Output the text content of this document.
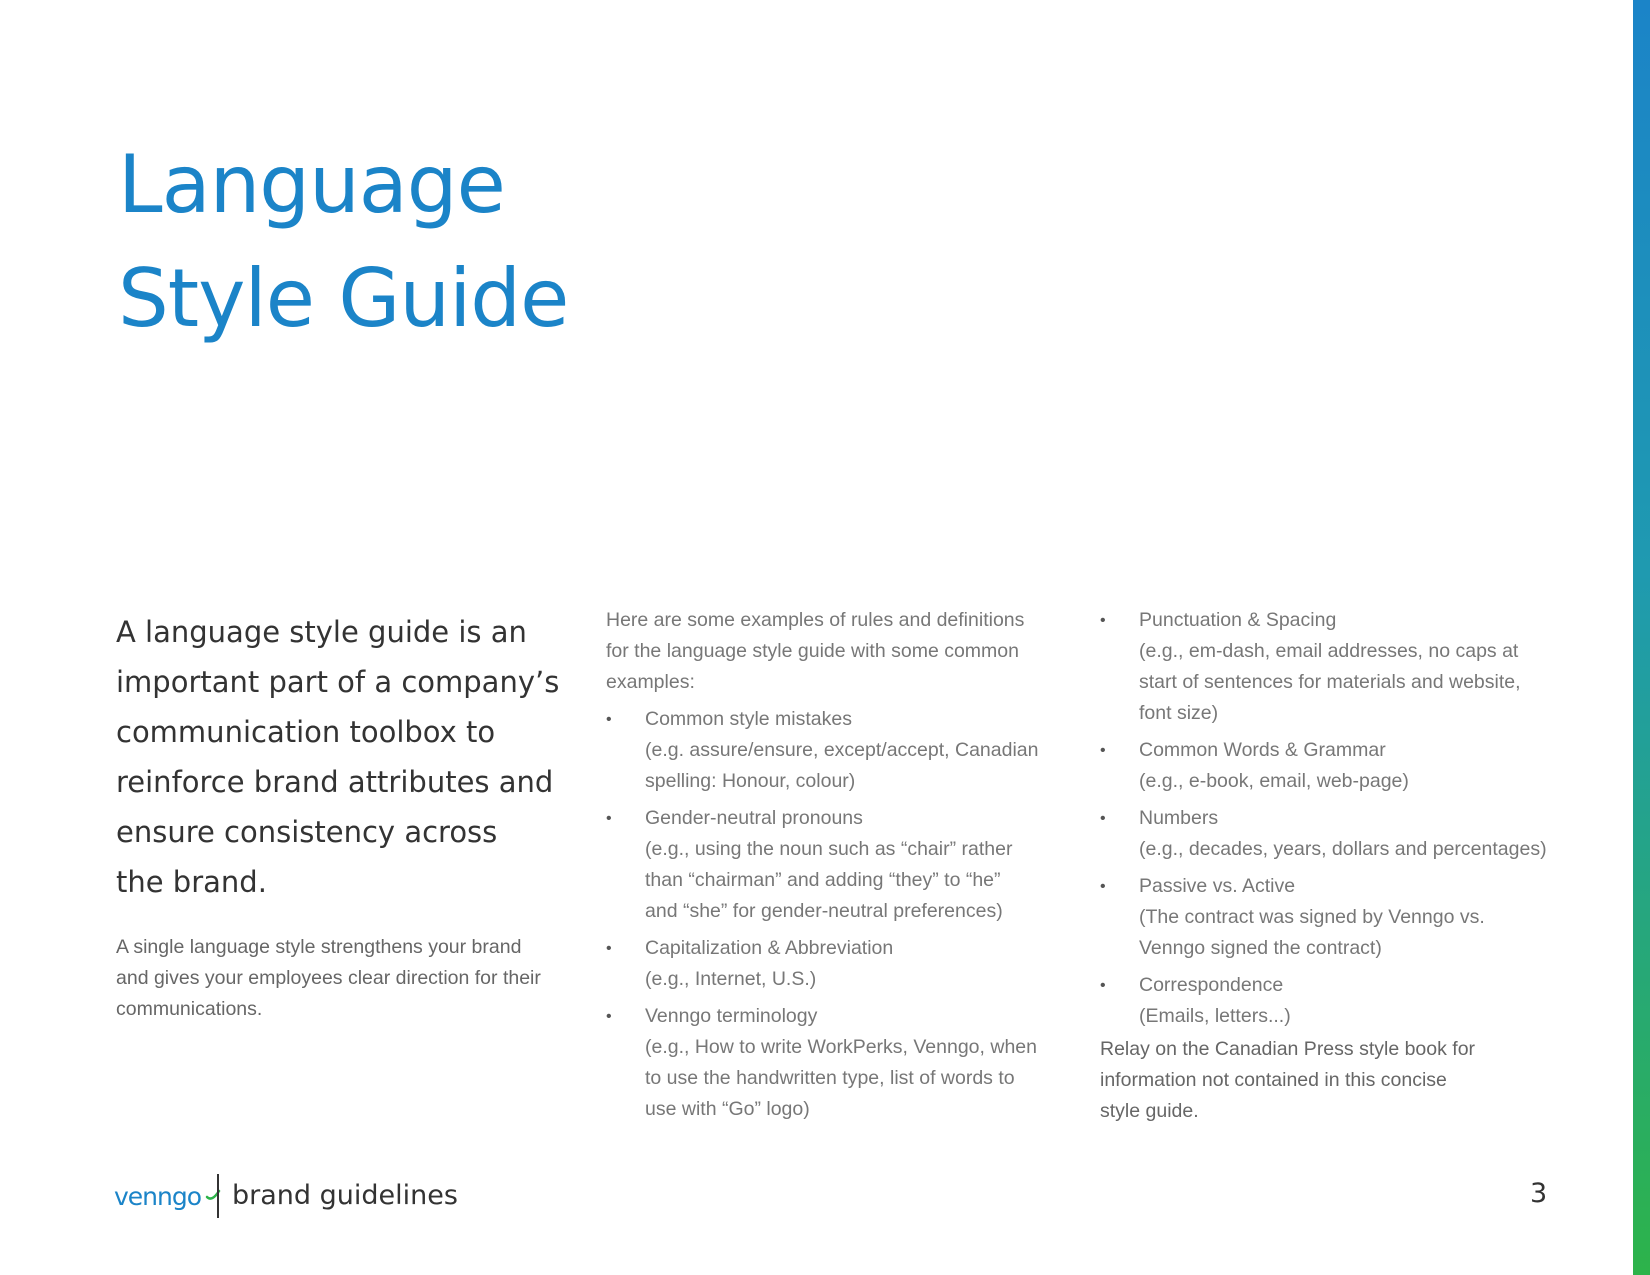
Language
Style Guide
A language style guide is an
important part of a company’s
communication toolbox to
reinforce brand attributes and
ensure consistency across
the brand.

A single language style strengthens your brand
and gives your employees clear direction for their
communications.

Here are some examples of rules and definitions
for the language style guide with some common
examples:

• Common style mistakes
(e.g. assure/ensure, except/accept, Canadian
spelling: Honour, colour)
• Gender-neutral pronouns
(e.g., using the noun such as “chair” rather
than “chairman” and adding “they” to “he”
and “she” for gender-neutral preferences)
• Capitalization & Abbreviation
(e.g., Internet, U.S.)
• Venngo terminology
(e.g., How to write WorkPerks, Venngo, when
to use the handwritten type, list of words to
use with “Go” logo)
• Punctuation & Spacing
(e.g., em-dash, email addresses, no caps at
start of sentences for materials and website,
font size)
• Common Words & Grammar
(e.g., e-book, email, web-page)
• Numbers
(e.g., decades, years, dollars and percentages)
• Passive vs. Active
(The contract was signed by Venngo vs.
Venngo signed the contract)
• Correspondence
(Emails, letters...)

Relay on the Canadian Press style book for
information not contained in this concise
style guide.

venngo brand guidelines	3
